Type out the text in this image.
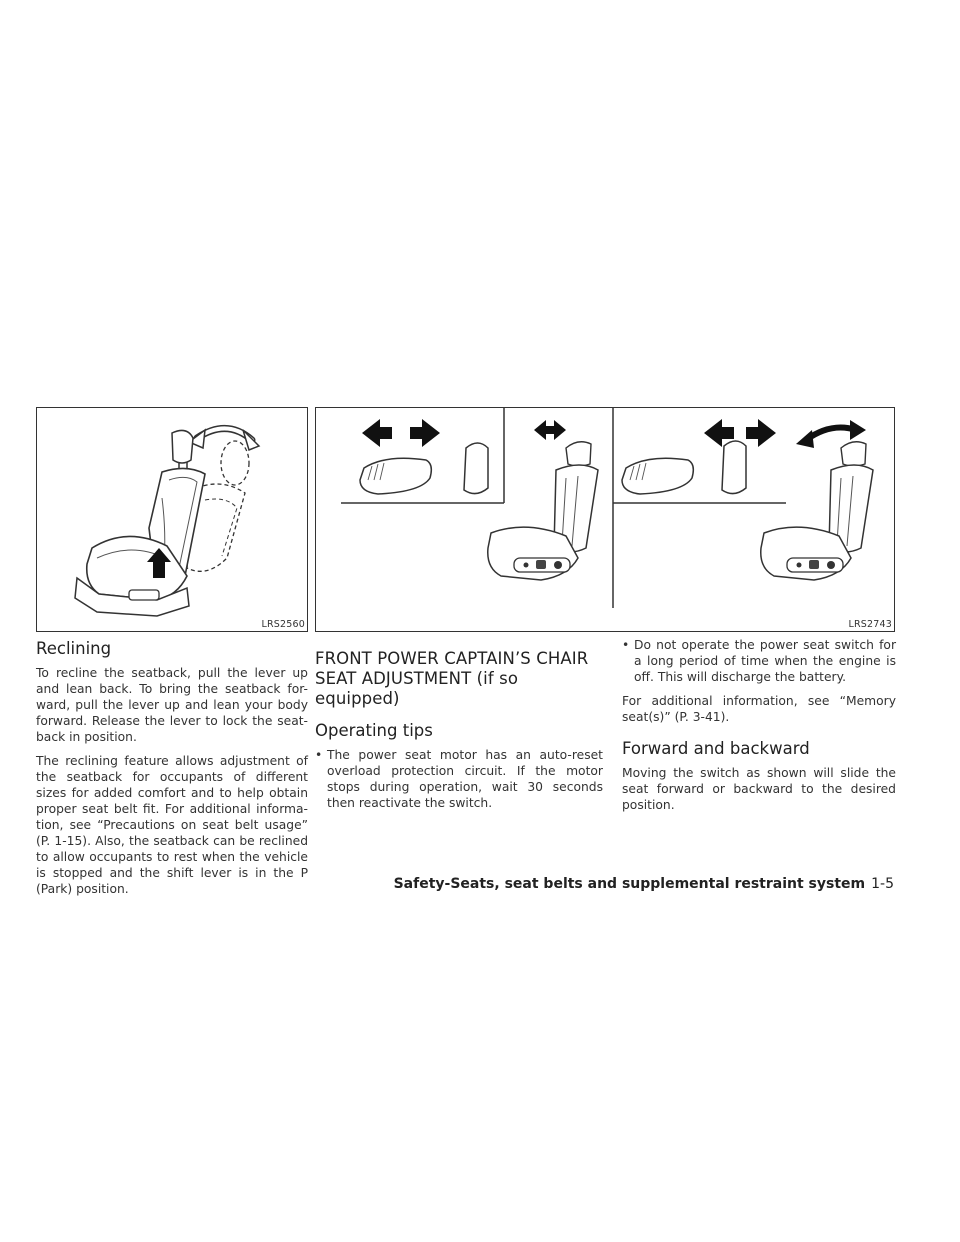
LRS2560	LRS2743
Reclining

To recline the seatback, pull the lever up and lean back. To bring the seatback for-ward, pull the lever up and lean your body forward. Release the lever to lock the seat-back in position.

The reclining feature allows adjustment of the seatback for occupants of different sizes for added comfort and to help obtain proper seat belt fit. For additional informa-tion, see “Precautions on seat belt usage” (P. 1-15). Also, the seatback can be reclined to allow occupants to rest when the vehicle is stopped and the shift lever is in the P (Park) position.

FRONT POWER CAPTAIN’S CHAIR SEAT ADJUSTMENT (if so equipped)
Operating tips
• The power seat motor has an auto-reset overload protection circuit. If the motor stops during operation, wait 30 seconds then reactivate the switch.
• Do not operate the power seat switch for a long period of time when the engine is off. This will discharge the battery.

For additional information, see “Memory seat(s)” (P. 3-41).

Forward and backward

Moving the switch as shown will slide the seat forward or backward to the desired position.

Safety-Seats, seat belts and supplemental restraint system 1-5
